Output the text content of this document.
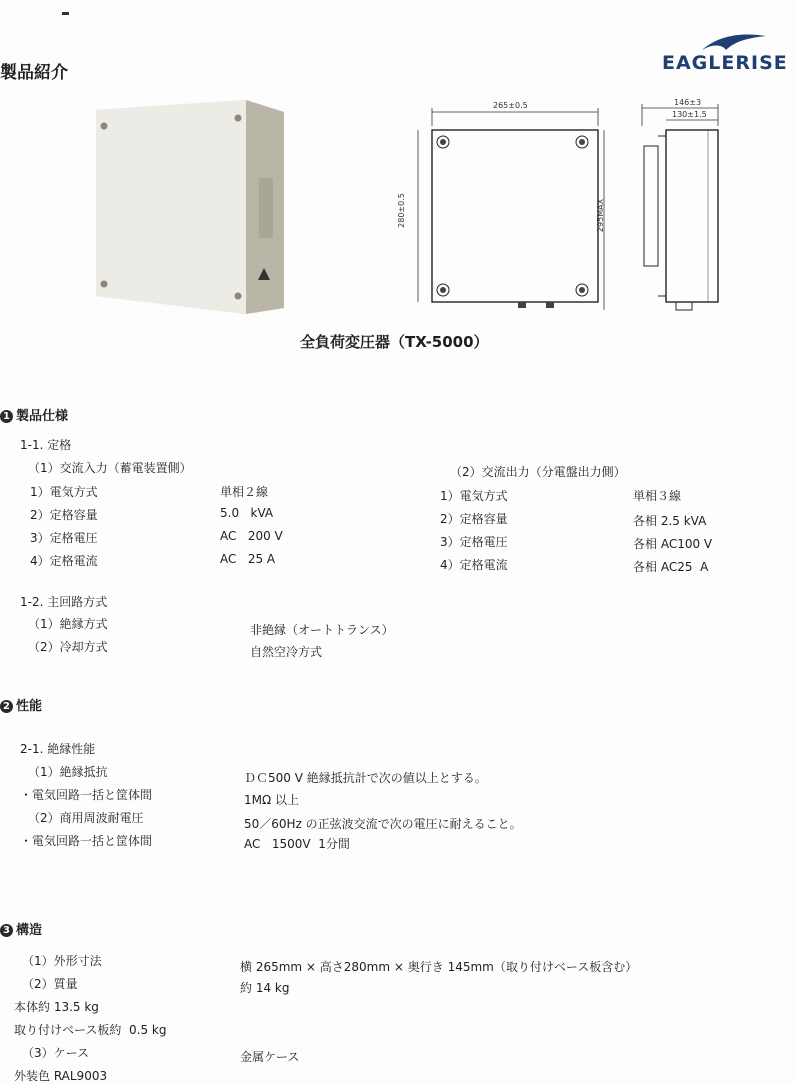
製品紹介	EAGLERISE
265±0.5
280±0.5	295MAX
146±3
130±1.5
全負荷変圧器（TX-5000）
1 製品仕様
1-1. 定格
（1）交流入力（蓄電装置側）
1）電気方式	単相２線
2）定格容量	5.0   kVA
3）定格電圧	AC   200 V
4）定格電流	AC   25 A
（2）交流出力（分電盤出力側）
1）電気方式	単相３線
2）定格容量	各相 2.5 kVA
3）定格電圧	各相 AC100 V
4）定格電流	各相 AC25  A
1-2. 主回路方式
（1）絶縁方式	非絶縁（オートトランス）
（2）冷却方式	自然空冷方式
2 性能
2-1. 絶縁性能
（1）絶縁抵抗	ＤＣ500 V 絶縁抵抗計で次の値以上とする。
・電気回路一括と筐体間	1MΩ 以上
（2）商用周波耐電圧	50／60Hz の正弦波交流で次の電圧に耐えること。
・電気回路一括と筐体間	AC   1500V  1分間
3 構造
（1）外形寸法	横 265mm × 高さ280mm × 奥行き 145mm（取り付けベース板含む）
（2）質量	約 14 kg
本体約 13.5 kg
取り付けベース板約  0.5 kg
（3）ケース	金属ケース
外装色 RAL9003
